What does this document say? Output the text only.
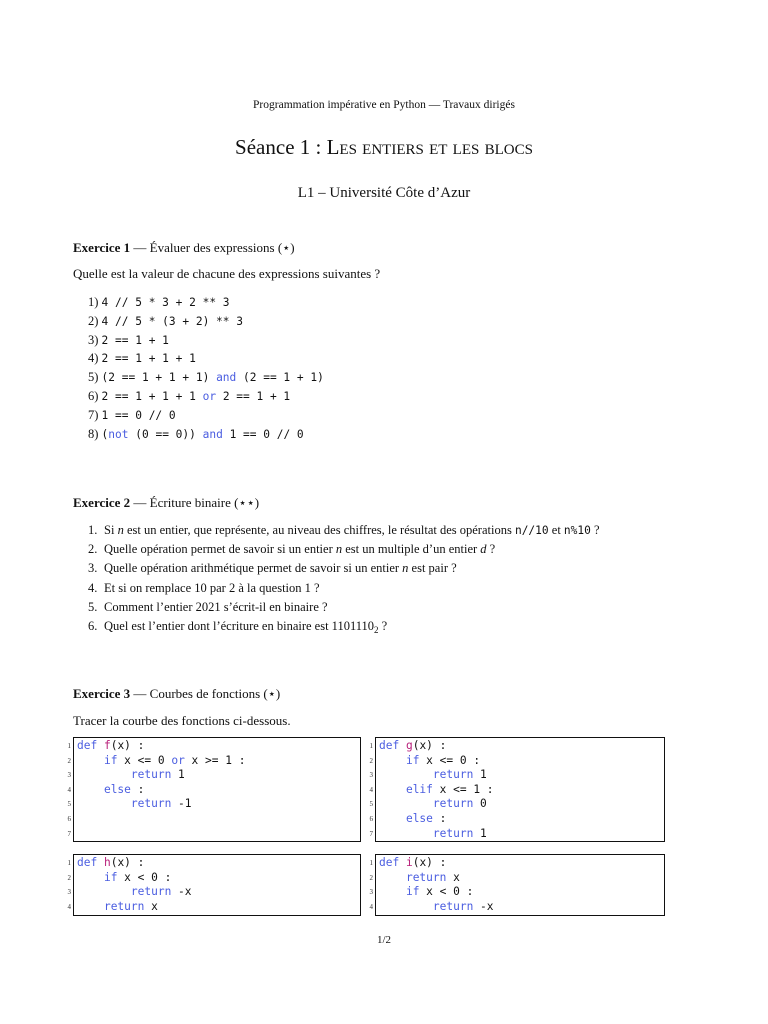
Programmation impérative en Python — Travaux dirigés
Séance 1 : Les entiers et les blocs
L1 – Université Côte d’Azur
Exercice 1 — Évaluer des expressions (⋆)
Quelle est la valeur de chacune des expressions suivantes ?
1) 4 // 5 * 3 + 2 ** 3
2) 4 // 5 * (3 + 2) ** 3
3) 2 == 1 + 1
4) 2 == 1 + 1 + 1
5) (2 == 1 + 1 + 1) and (2 == 1 + 1)
6) 2 == 1 + 1 + 1 or 2 == 1 + 1
7) 1 == 0 // 0
8) (not (0 == 0)) and 1 == 0 // 0
Exercice 2 — Écriture binaire (⋆⋆)
1. Si n est un entier, que représente, au niveau des chiffres, le résultat des opérations n//10 et n%10 ?
2. Quelle opération permet de savoir si un entier n est un multiple d’un entier d ?
3. Quelle opération arithmétique permet de savoir si un entier n est pair ?
4. Et si on remplace 10 par 2 à la question 1 ?
5. Comment l’entier 2021 s’écrit-il en binaire ?
6. Quel est l’entier dont l’écriture en binaire est $1101110_2$ ?
Exercice 3 — Courbes de fonctions (⋆)
Tracer la courbe des fonctions ci-dessous.
1 def f(x) :
2	if x <= 0 or x >= 1 :
3	return 1
4	else :
5	return -1
6
7
1 def g(x) :
2	if x <= 0 :
3	return 1
4	elif x <= 1 :
5	return 0
6	else :
7	return 1
1 def h(x) :
2	if x < 0 :
3	return -x
4	return x
1 def i(x) :
2	return x
3	if x < 0 :
4	return -x
1/2
